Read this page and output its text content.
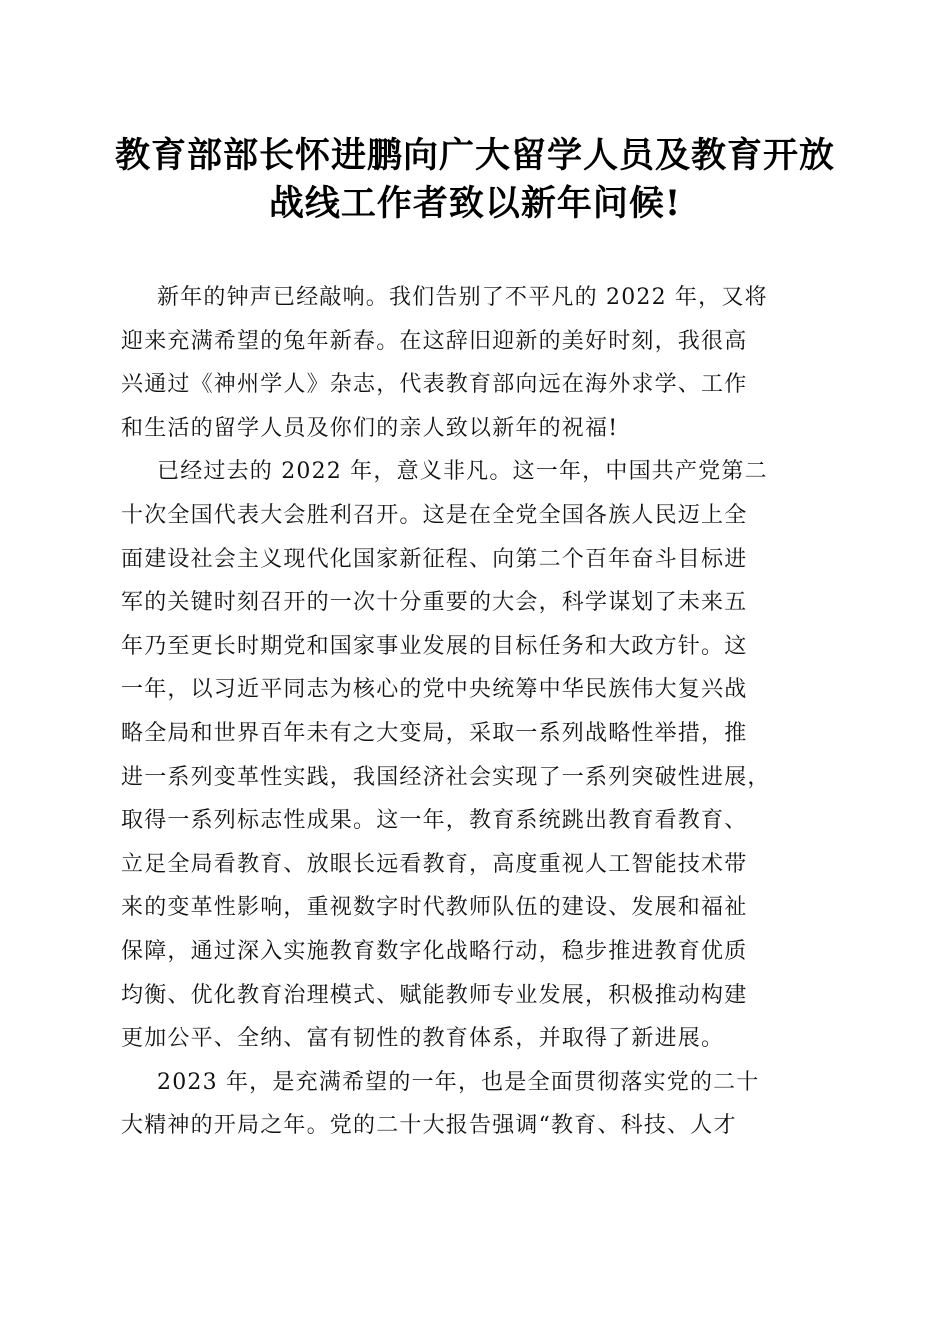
教育部部长怀进鹏向广大留学人员及教育开放
战线工作者致以新年问候!

新年的钟声已经敲响。我们告别了不平凡的 2022 年，又将
迎来充满希望的兔年新春。在这辞旧迎新的美好时刻，我很高
兴通过《神州学人》杂志，代表教育部向远在海外求学、工作
和生活的留学人员及你们的亲人致以新年的祝福!

已经过去的 2022 年，意义非凡。这一年，中国共产党第二
十次全国代表大会胜利召开。这是在全党全国各族人民迈上全
面建设社会主义现代化国家新征程、向第二个百年奋斗目标进
军的关键时刻召开的一次十分重要的大会，科学谋划了未来五
年乃至更长时期党和国家事业发展的目标任务和大政方针。这
一年，以习近平同志为核心的党中央统筹中华民族伟大复兴战
略全局和世界百年未有之大变局，采取一系列战略性举措，推
进一系列变革性实践，我国经济社会实现了一系列突破性进展，
取得一系列标志性成果。这一年，教育系统跳出教育看教育、
立足全局看教育、放眼长远看教育，高度重视人工智能技术带
来的变革性影响，重视数字时代教师队伍的建设、发展和福祉
保障，通过深入实施教育数字化战略行动，稳步推进教育优质
均衡、优化教育治理模式、赋能教师专业发展，积极推动构建
更加公平、全纳、富有韧性的教育体系，并取得了新进展。

2023 年，是充满希望的一年，也是全面贯彻落实党的二十
大精神的开局之年。党的二十大报告强调“教育、科技、人才
